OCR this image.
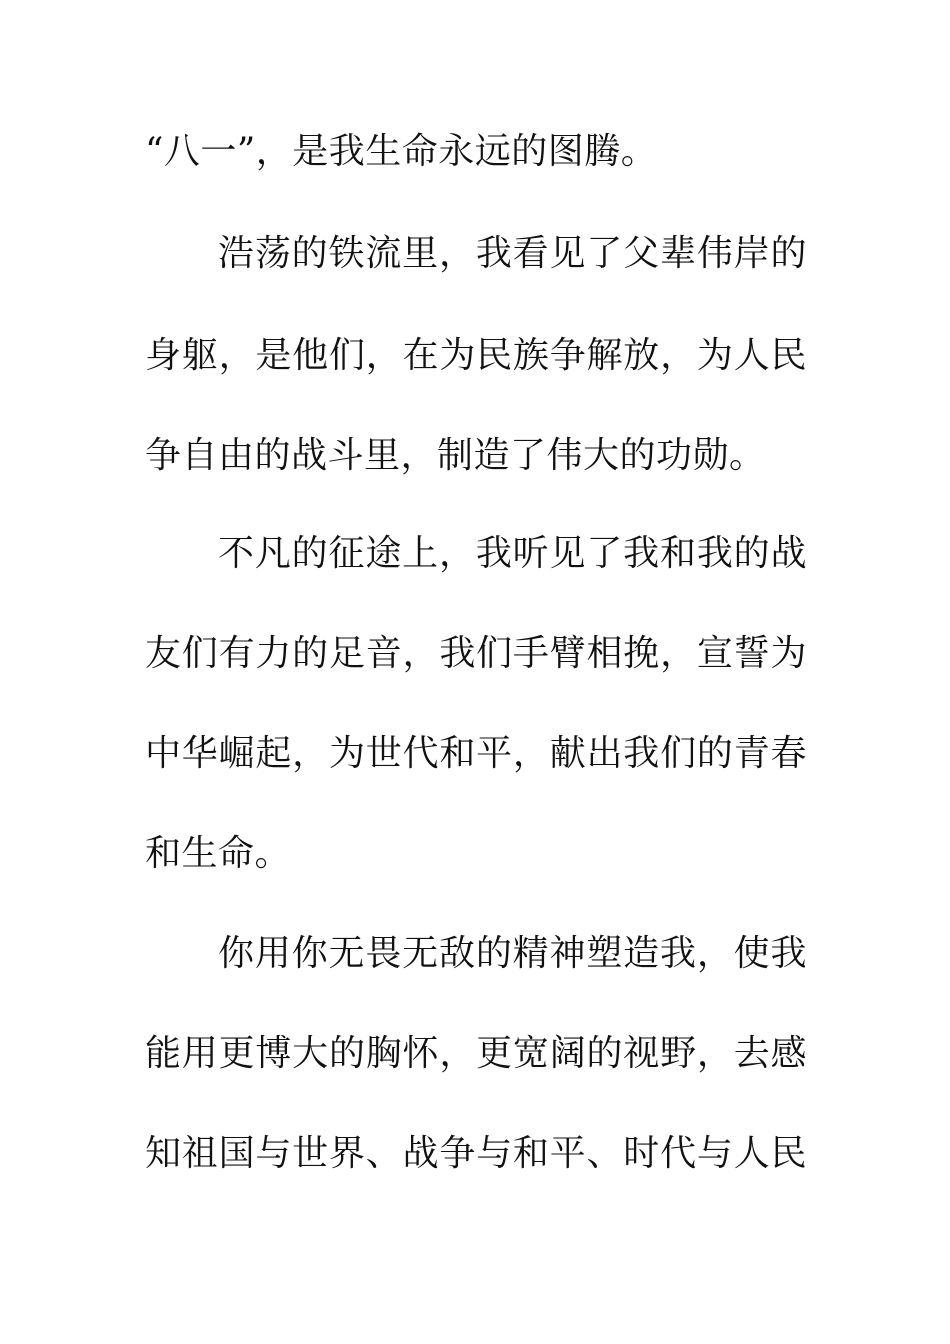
“八一”，是我生命永远的图腾。
浩荡的铁流里，我看见了父辈伟岸的
身躯，是他们，在为民族争解放，为人民
争自由的战斗里，制造了伟大的功勋。
不凡的征途上，我听见了我和我的战
友们有力的足音，我们手臂相挽，宣誓为
中华崛起，为世代和平，献出我们的青春
和生命。
你用你无畏无敌的精神塑造我，使我
能用更博大的胸怀，更宽阔的视野，去感
知祖国与世界、战争与和平、时代与人民
